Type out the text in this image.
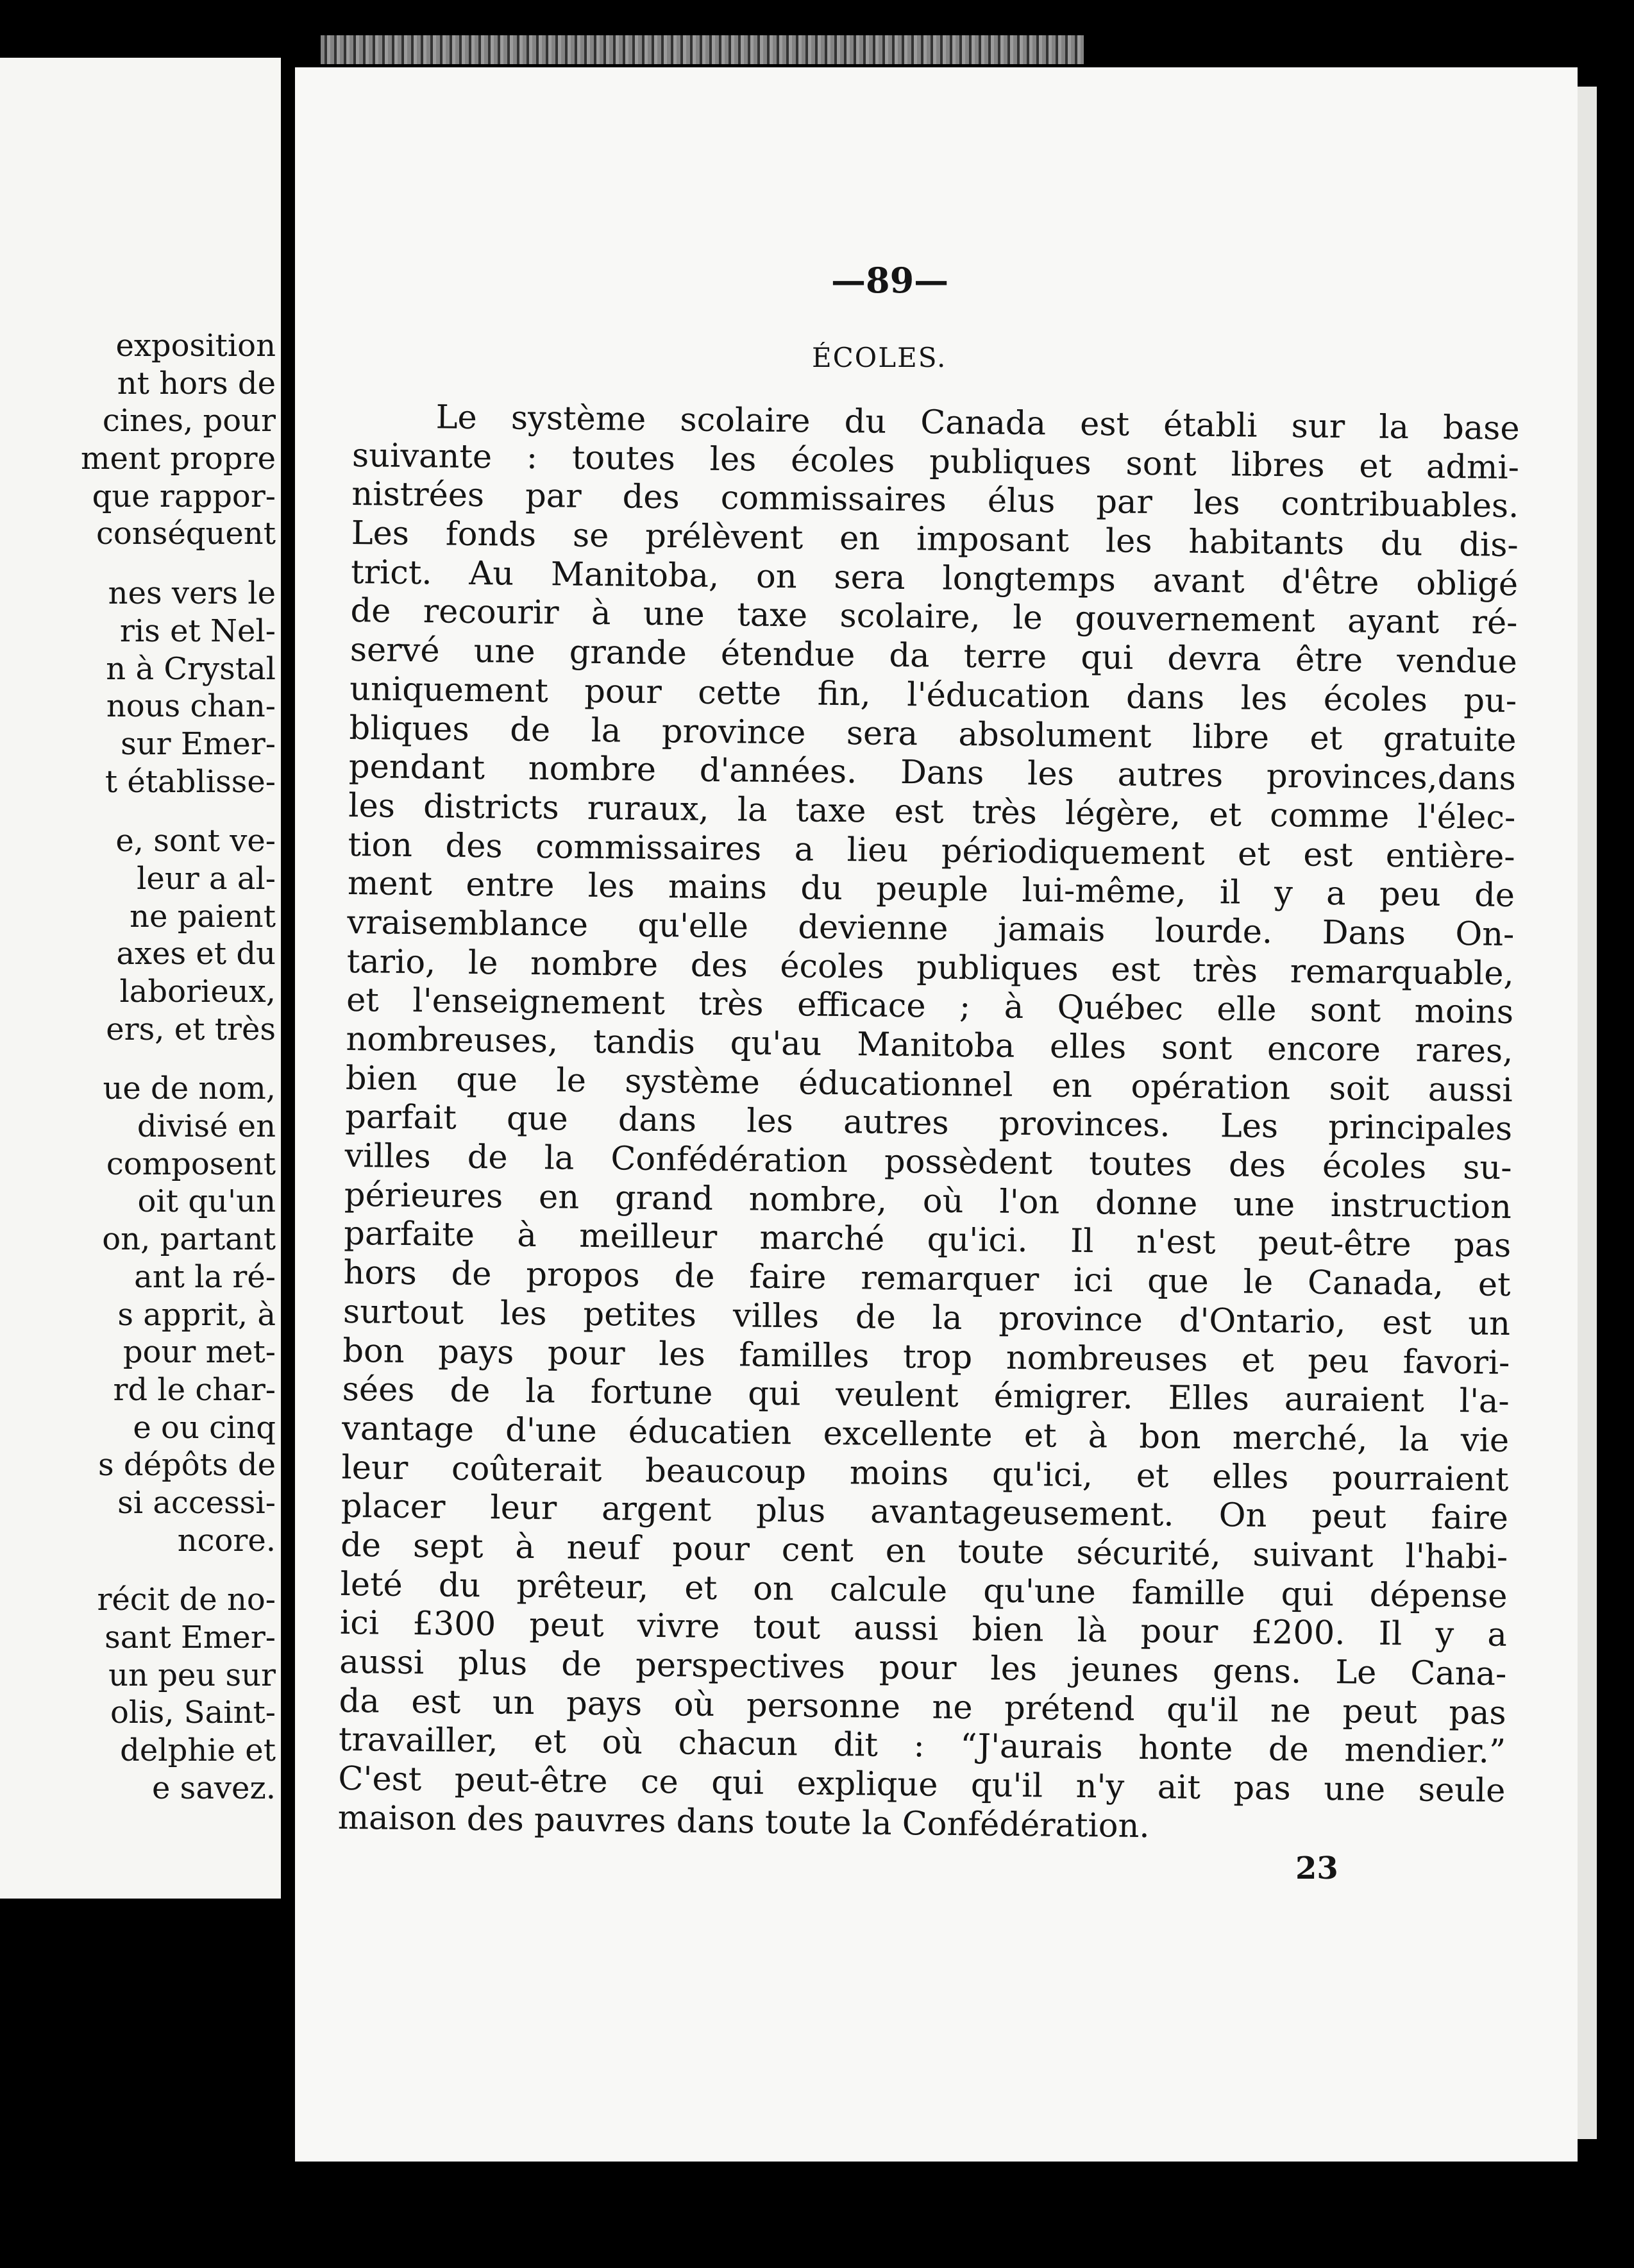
exposition
nt hors de
cines, pour
ment propre
que rappor-
conséquent
nes vers le
ris et Nel-
n à Crystal
nous chan-
sur Emer-
t établisse-
e, sont ve-
leur a al-
ne paient
axes et du
laborieux,
ers, et très
ue de nom,
divisé en
composent
oit qu'un
on, partant
ant la ré-
s apprit, à
pour met-
rd le char-
e ou cinq
s dépôts de
si accessi-
ncore.
récit de no-
sant Emer-
un peu sur
olis, Saint-
delphie et
e savez.
—89—
ÉCOLES.
Le système scolaire du Canada est établi sur la base
suivante : toutes les écoles publiques sont libres et admi-
nistrées par des commissaires élus par les contribuables.
Les fonds se prélèvent en imposant les habitants du dis-
trict. Au Manitoba, on sera longtemps avant d'être obligé
de recourir à une taxe scolaire, le gouvernement ayant ré-
servé une grande étendue da terre qui devra être vendue
uniquement pour cette fin, l'éducation dans les écoles pu-
bliques de la province sera absolument libre et gratuite
pendant nombre d'années. Dans les autres provinces,dans
les districts ruraux, la taxe est très légère, et comme l'élec-
tion des commissaires a lieu périodiquement et est entière-
ment entre les mains du peuple lui-même, il y a peu de
vraisemblance qu'elle devienne jamais lourde. Dans On-
tario, le nombre des écoles publiques est très remarquable,
et l'enseignement très efficace ; à Québec elle sont moins
nombreuses, tandis qu'au Manitoba elles sont encore rares,
bien que le système éducationnel en opération soit aussi
parfait que dans les autres provinces. Les principales
villes de la Confédération possèdent toutes des écoles su-
périeures en grand nombre, où l'on donne une instruction
parfaite à meilleur marché qu'ici. Il n'est peut-être pas
hors de propos de faire remarquer ici que le Canada, et
surtout les petites villes de la province d'Ontario, est un
bon pays pour les familles trop nombreuses et peu favori-
sées de la fortune qui veulent émigrer. Elles auraient l'a-
vantage d'une éducatien excellente et à bon merché, la vie
leur coûterait beaucoup moins qu'ici, et elles pourraient
placer leur argent plus avantageusement. On peut faire
de sept à neuf pour cent en toute sécurité, suivant l'habi-
leté du prêteur, et on calcule qu'une famille qui dépense
ici £300 peut vivre tout aussi bien là pour £200. Il y a
aussi plus de perspectives pour les jeunes gens. Le Cana-
da est un pays où personne ne prétend qu'il ne peut pas
travailler, et où chacun dit : “J'aurais honte de mendier.”
C'est peut-être ce qui explique qu'il n'y ait pas une seule
maison des pauvres dans toute la Confédération.
23
